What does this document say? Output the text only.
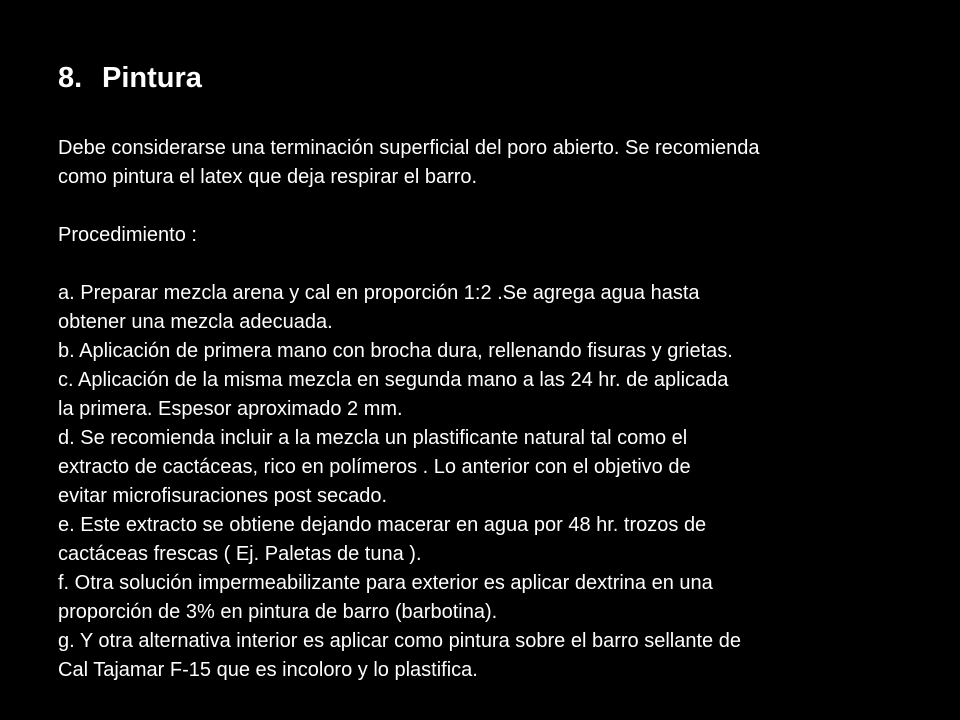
8. Pintura
Debe considerarse una terminación superficial del poro abierto. Se recomienda
como pintura el latex que deja respirar el barro.
Procedimiento :
a. Preparar mezcla arena y cal en proporción 1:2 .Se agrega agua hasta
obtener una mezcla adecuada.
b. Aplicación de primera mano con brocha dura, rellenando fisuras y grietas.
c. Aplicación de la misma mezcla en segunda mano a las 24 hr. de aplicada
la primera. Espesor aproximado 2 mm.
d. Se recomienda incluir a la mezcla un plastificante natural tal como el
extracto de cactáceas, rico en polímeros . Lo anterior con el objetivo de
evitar microfisuraciones post secado.
e. Este extracto se obtiene dejando macerar en agua por 48 hr. trozos de
cactáceas frescas ( Ej. Paletas de tuna ).
f. Otra solución impermeabilizante para exterior es aplicar dextrina en una
proporción de 3% en pintura de barro (barbotina).
g. Y otra alternativa interior es aplicar como pintura sobre el barro sellante de
Cal Tajamar F-15 que es incoloro y lo plastifica.
